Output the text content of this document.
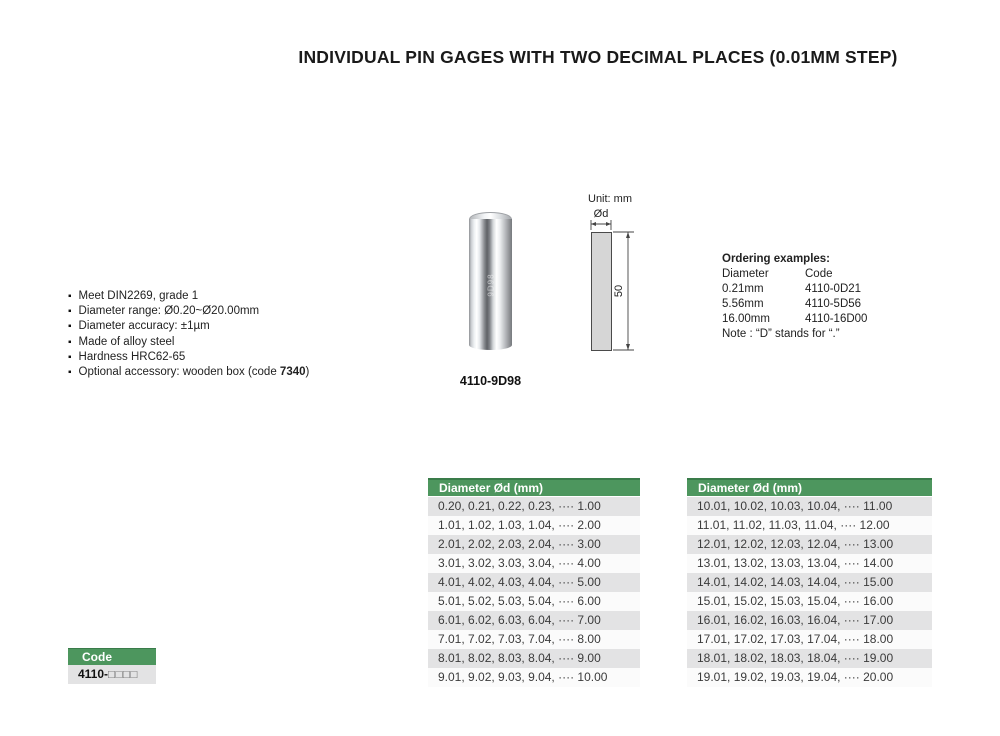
INDIVIDUAL PIN GAGES WITH TWO DECIMAL PLACES (0.01MM STEP)
▪ Meet DIN2269, grade 1
▪ Diameter range: Ø0.20~Ø20.00mm
▪ Diameter accuracy: ±1µm
▪ Made of alloy steel
▪ Hardness HRC62-65
▪ Optional accessory: wooden box (code 7340)
9D98
4110-9D98
Unit: mm
Ød
50
Ordering examples:
Diameter	Code
0.21mm	4110-0D21
5.56mm	4110-5D56
16.00mm	4110-16D00
Note : “D” stands for “.”
Diameter Ød (mm)
0.20, 0.21, 0.22, 0.23, ···· 1.00
1.01, 1.02, 1.03, 1.04, ···· 2.00
2.01, 2.02, 2.03, 2.04, ···· 3.00
3.01, 3.02, 3.03, 3.04, ···· 4.00
4.01, 4.02, 4.03, 4.04, ···· 5.00
5.01, 5.02, 5.03, 5.04, ···· 6.00
6.01, 6.02, 6.03, 6.04, ···· 7.00
7.01, 7.02, 7.03, 7.04, ···· 8.00
8.01, 8.02, 8.03, 8.04, ···· 9.00
9.01, 9.02, 9.03, 9.04, ···· 10.00
Diameter Ød (mm)
10.01, 10.02, 10.03, 10.04, ···· 11.00
11.01, 11.02, 11.03, 11.04, ···· 12.00
12.01, 12.02, 12.03, 12.04, ···· 13.00
13.01, 13.02, 13.03, 13.04, ···· 14.00
14.01, 14.02, 14.03, 14.04, ···· 15.00
15.01, 15.02, 15.03, 15.04, ···· 16.00
16.01, 16.02, 16.03, 16.04, ···· 17.00
17.01, 17.02, 17.03, 17.04, ···· 18.00
18.01, 18.02, 18.03, 18.04, ···· 19.00
19.01, 19.02, 19.03, 19.04, ···· 20.00
Code
4110-□□□□
